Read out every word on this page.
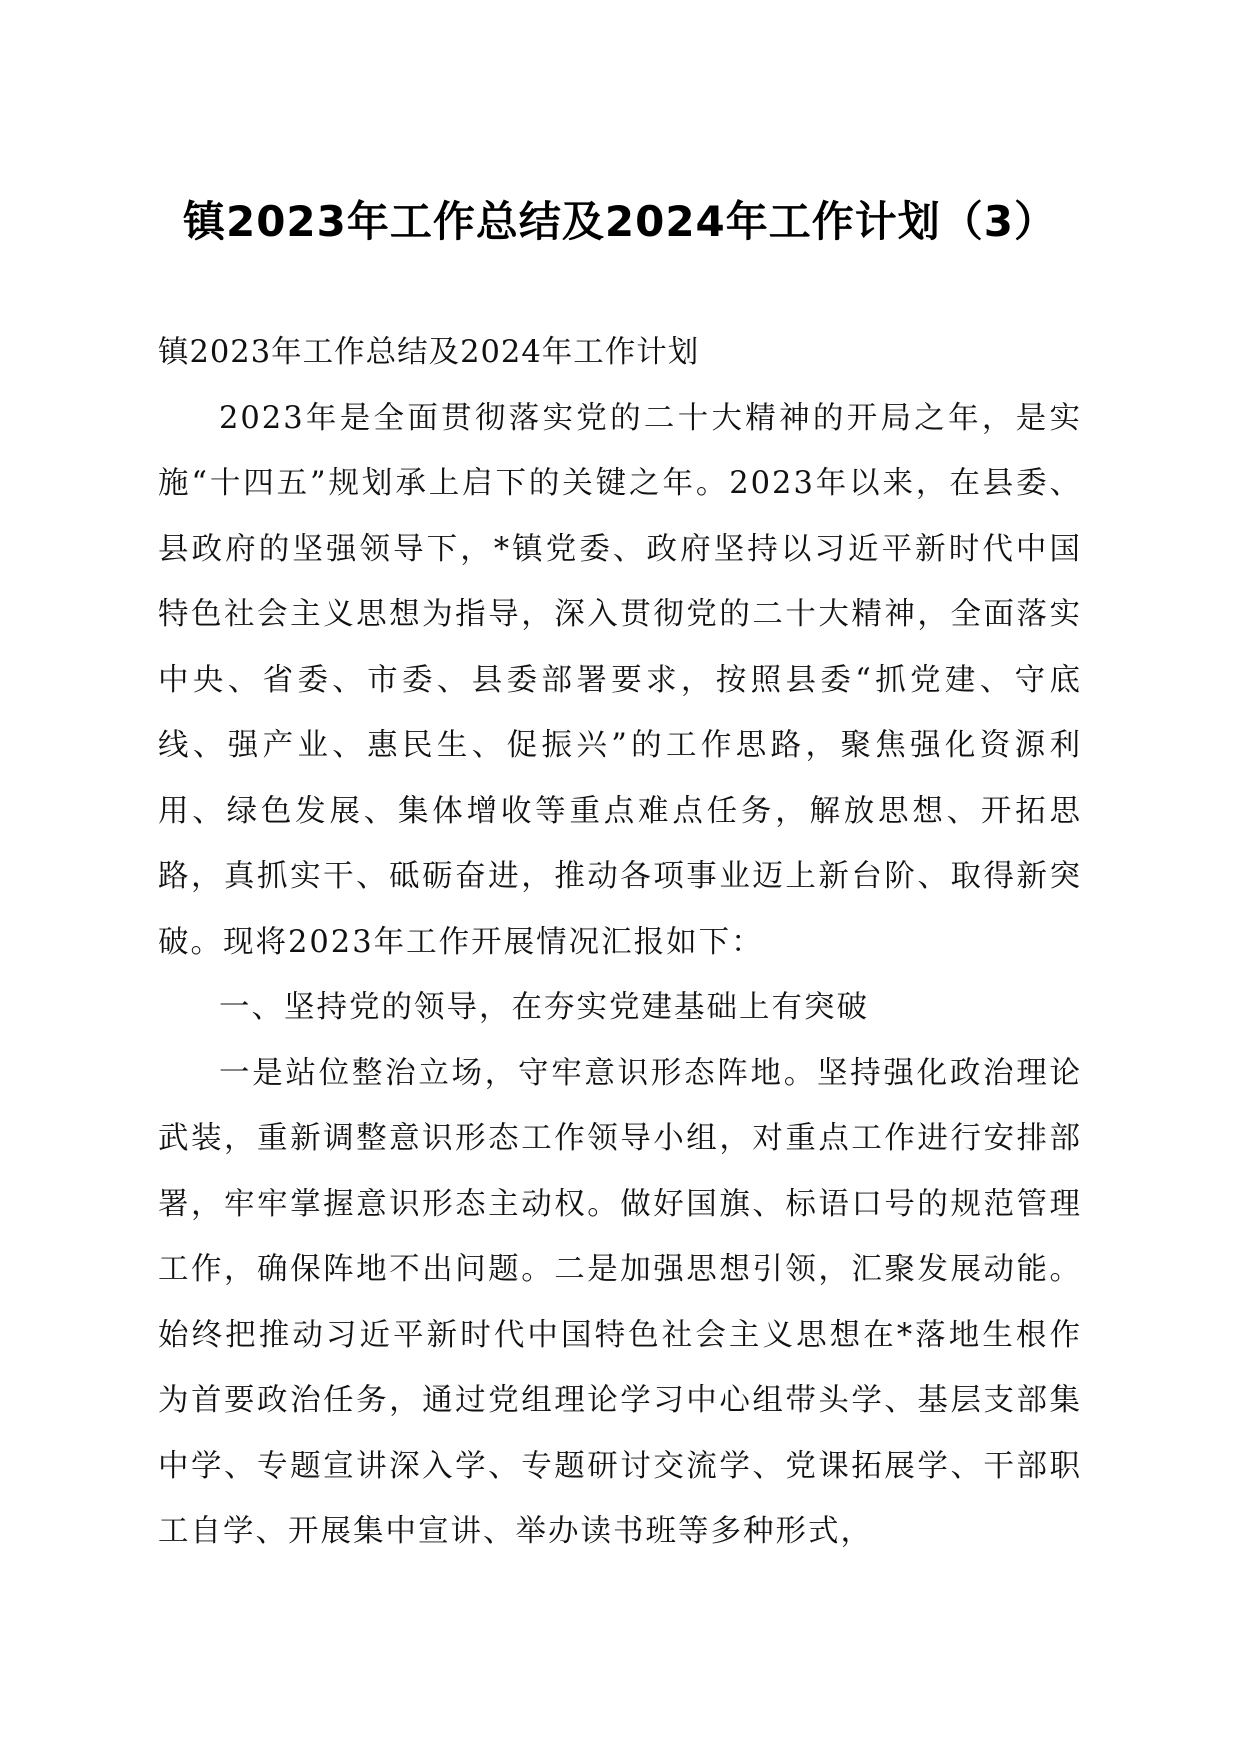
镇2023年工作总结及2024年工作计划（3）

镇2023年工作总结及2024年工作计划

2023年是全面贯彻落实党的二十大精神的开局之年，是实施“十四五”规划承上启下的关键之年。2023年以来，在县委、县政府的坚强领导下，*镇党委、政府坚持以习近平新时代中国特色社会主义思想为指导，深入贯彻党的二十大精神，全面落实中央、省委、市委、县委部署要求，按照县委“抓党建、守底线、强产业、惠民生、促振兴”的工作思路，聚焦强化资源利用、绿色发展、集体增收等重点难点任务，解放思想、开拓思路，真抓实干、砥砺奋进，推动各项事业迈上新台阶、取得新突破。现将2023年工作开展情况汇报如下：

一、坚持党的领导，在夯实党建基础上有突破

一是站位整治立场，守牢意识形态阵地。坚持强化政治理论武装，重新调整意识形态工作领导小组，对重点工作进行安排部署，牢牢掌握意识形态主动权。做好国旗、标语口号的规范管理工作，确保阵地不出问题。二是加强思想引领，汇聚发展动能。始终把推动习近平新时代中国特色社会主义思想在*落地生根作为首要政治任务，通过党组理论学习中心组带头学、基层支部集中学、专题宣讲深入学、专题研讨交流学、党课拓展学、干部职工自学、开展集中宣讲、举办读书班等多种形式，
